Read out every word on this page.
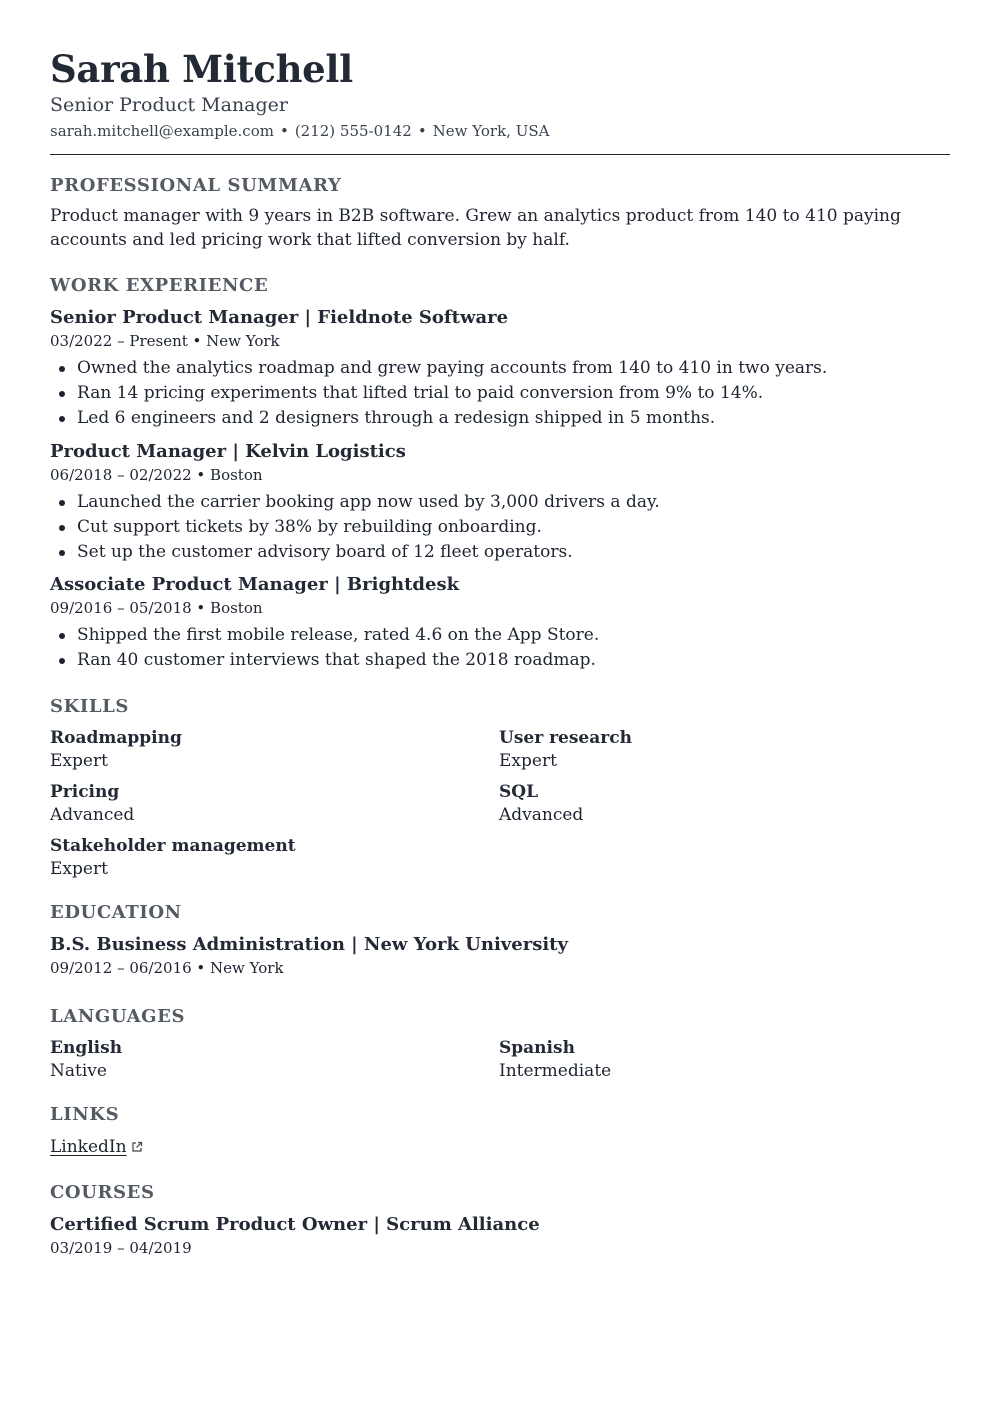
Sarah Mitchell
Senior Product Manager
sarah.mitchell@example.com • (212) 555-0142 • New York, USA
PROFESSIONAL SUMMARY
Product manager with 9 years in B2B software. Grew an analytics product from 140 to 410 paying accounts and led pricing work that lifted conversion by half.
WORK EXPERIENCE
Senior Product Manager | Fieldnote Software
03/2022 – Present • New York
Owned the analytics roadmap and grew paying accounts from 140 to 410 in two years.
Ran 14 pricing experiments that lifted trial to paid conversion from 9% to 14%.
Led 6 engineers and 2 designers through a redesign shipped in 5 months.
Product Manager | Kelvin Logistics
06/2018 – 02/2022 • Boston
Launched the carrier booking app now used by 3,000 drivers a day.
Cut support tickets by 38% by rebuilding onboarding.
Set up the customer advisory board of 12 fleet operators.
Associate Product Manager | Brightdesk
09/2016 – 05/2018 • Boston
Shipped the first mobile release, rated 4.6 on the App Store.
Ran 40 customer interviews that shaped the 2018 roadmap.
SKILLS
Roadmapping
Expert
User research
Expert
Pricing
Advanced
SQL
Advanced
Stakeholder management
Expert
EDUCATION
B.S. Business Administration | New York University
09/2012 – 06/2016 • New York
LANGUAGES
English
Native
Spanish
Intermediate
LINKS
LinkedIn
COURSES
Certified Scrum Product Owner | Scrum Alliance
03/2019 – 04/2019
